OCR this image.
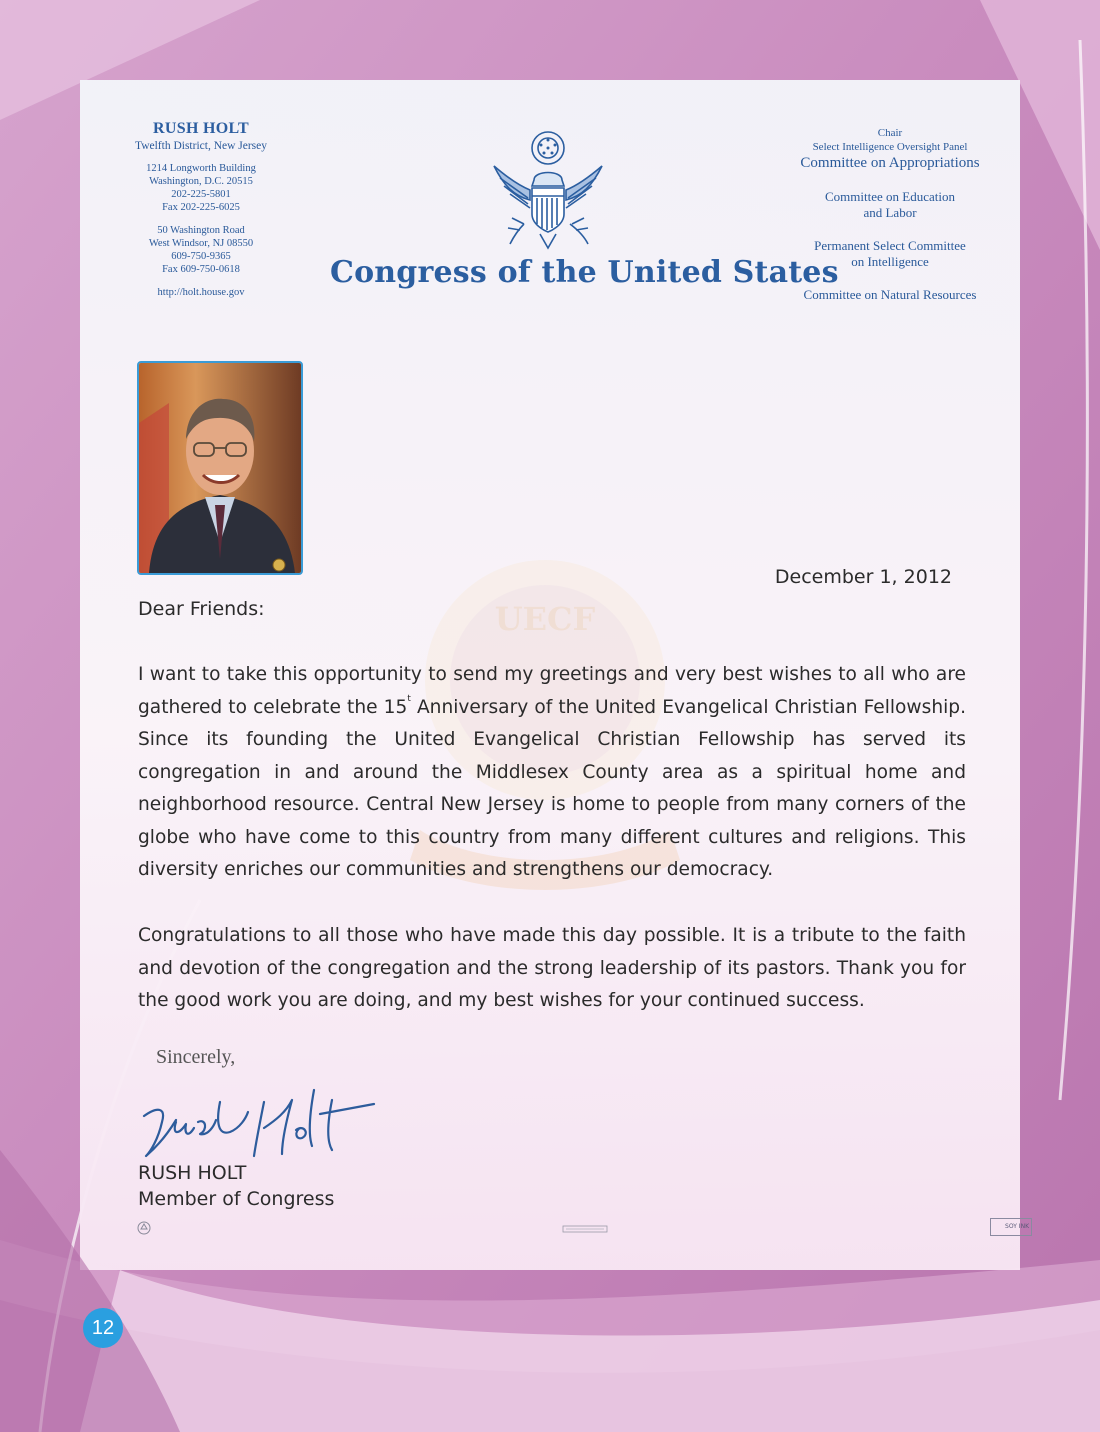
UECF
RUSH HOLT
Twelfth District, New Jersey
1214 Longworth Building
Washington, D.C. 20515
202-225-5801
Fax 202-225-6025
50 Washington Road
West Windsor, NJ 08550
609-750-9365
Fax 609-750-0618
http://holt.house.gov
Congress of the United States
Chair
Select Intelligence Oversight Panel
Committee on Appropriations
Committee on Education
and Labor
Permanent Select Committee
on Intelligence
Committee on Natural Resources
December 1, 2012
Dear Friends:
I want to take this opportunity to send my greetings and very best wishes to all who are gathered to celebrate the 15$^t$ Anniversary of the United Evangelical Christian Fellowship. Since its founding the United Evangelical Christian Fellowship has served its congregation in and around the Middlesex County area as a spiritual home and neighborhood resource. Central New Jersey is home to people from many corners of the globe who have come to this country from many different cultures and religions. This diversity enriches our communities and strengthens our democracy.
Congratulations to all those who have made this day possible. It is a tribute to the faith and devotion of the congregation and the strong leadership of its pastors. Thank you for the good work you are doing, and my best wishes for your continued success.
Sincerely,
RUSH HOLT
Member of Congress
SOY INK
12
